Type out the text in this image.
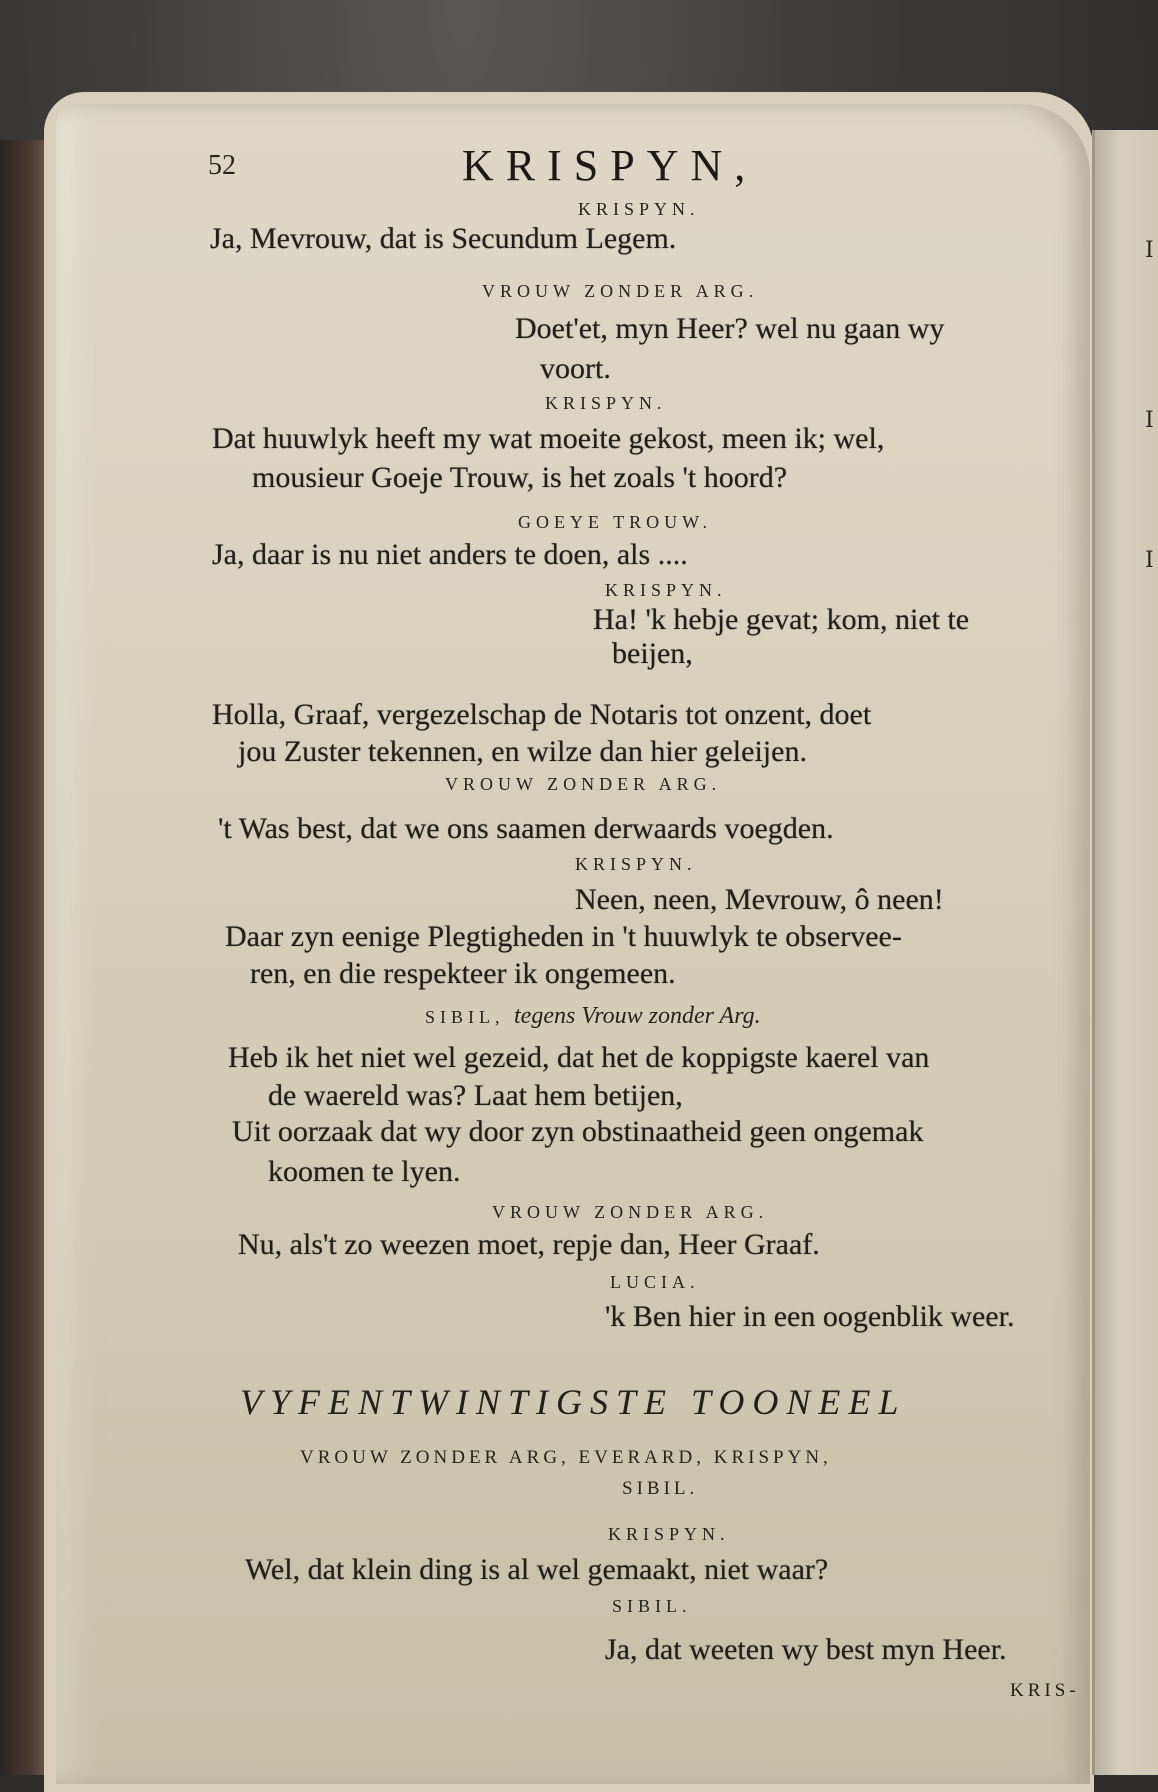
I
I
I
52	KRISPYN,
KRISPYN.
Ja, Mevrouw, dat is Secundum Legem.
VROUW ZONDER ARG.
Doet'et, myn Heer? wel nu gaan wy
voort.
KRISPYN.
Dat huuwlyk heeft my wat moeite gekost, meen ik; wel,
mousieur Goeje Trouw, is het zoals 't hoord?
GOEYE TROUW.
Ja, daar is nu niet anders te doen, als ....
KRISPYN.
Ha! 'k hebje gevat; kom, niet te
beijen,
Holla, Graaf, vergezelschap de Notaris tot onzent, doet
jou Zuster tekennen, en wilze dan hier geleijen.
VROUW ZONDER ARG.
't Was best, dat we ons saamen derwaards voegden.
KRISPYN.
Neen, neen, Mevrouw, ô neen!
Daar zyn eenige Plegtigheden in 't huuwlyk te observee-
ren, en die respekteer ik ongemeen.
SIBIL, tegens Vrouw zonder Arg.
Heb ik het niet wel gezeid, dat het de koppigste kaerel van
de waereld was? Laat hem betijen,
Uit oorzaak dat wy door zyn obstinaatheid geen ongemak
koomen te lyen.
VROUW ZONDER ARG.
Nu, als't zo weezen moet, repje dan, Heer Graaf.
LUCIA.
'k Ben hier in een oogenblik weer.
VYFENTWINTIGSTE TOONEEL
VROUW ZONDER ARG, EVERARD, KRISPYN,
SIBIL.
KRISPYN.
Wel, dat klein ding is al wel gemaakt, niet waar?
SIBIL.
Ja, dat weeten wy best myn Heer.
KRIS-
